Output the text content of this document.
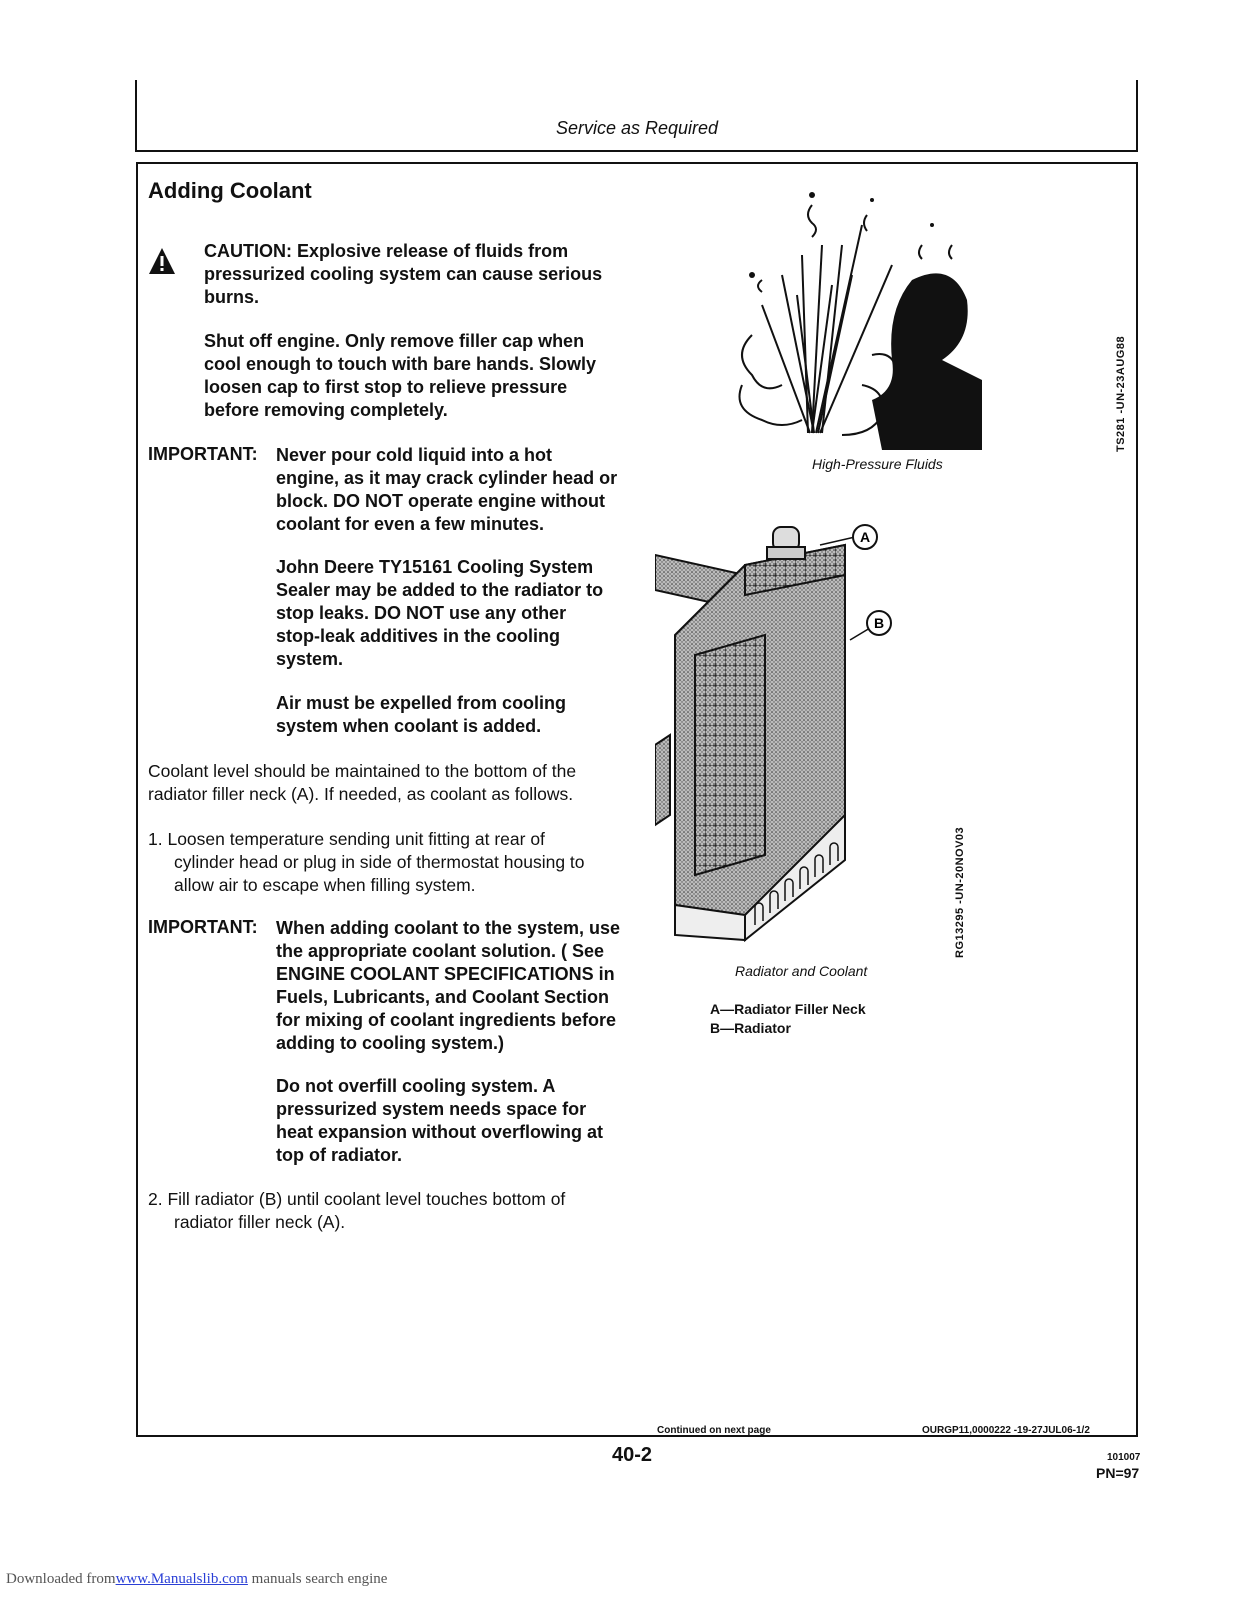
Service as Required
Adding Coolant
CAUTION: Explosive release of fluids from
pressurized cooling system can cause serious
burns.
Shut off engine. Only remove filler cap when
cool enough to touch with bare hands. Slowly
loosen cap to first stop to relieve pressure
before removing completely.
IMPORTANT: Never pour cold liquid into a hot
engine, as it may crack cylinder head or
block. DO NOT operate engine without
coolant for even a few minutes.
John Deere TY15161 Cooling System
Sealer may be added to the radiator to
stop leaks. DO NOT use any other
stop-leak additives in the cooling
system.
Air must be expelled from cooling
system when coolant is added.
Coolant level should be maintained to the bottom of the
radiator filler neck (A). If needed, as coolant as follows.
1. Loosen temperature sending unit fitting at rear of
cylinder head or plug in side of thermostat housing to
allow air to escape when filling system.
IMPORTANT: When adding coolant to the system, use
the appropriate coolant solution. ( See
ENGINE COOLANT SPECIFICATIONS in
Fuels, Lubricants, and Coolant Section
for mixing of coolant ingredients before
adding to cooling system.)
Do not overfill cooling system. A
pressurized system needs space for
heat expansion without overflowing at
top of radiator.
2. Fill radiator (B) until coolant level touches bottom of
radiator filler neck (A).
High-Pressure Fluids
TS281 -UN-23AUG88
A
B
Radiator and Coolant
RG13295 -UN-20NOV03
A—Radiator Filler Neck
B—Radiator
Continued on next page	OURGP11,0000222 -19-27JUL06-1/2
40-2	101007
PN=97
Downloaded fromwww.Manualslib.com manuals search engine
